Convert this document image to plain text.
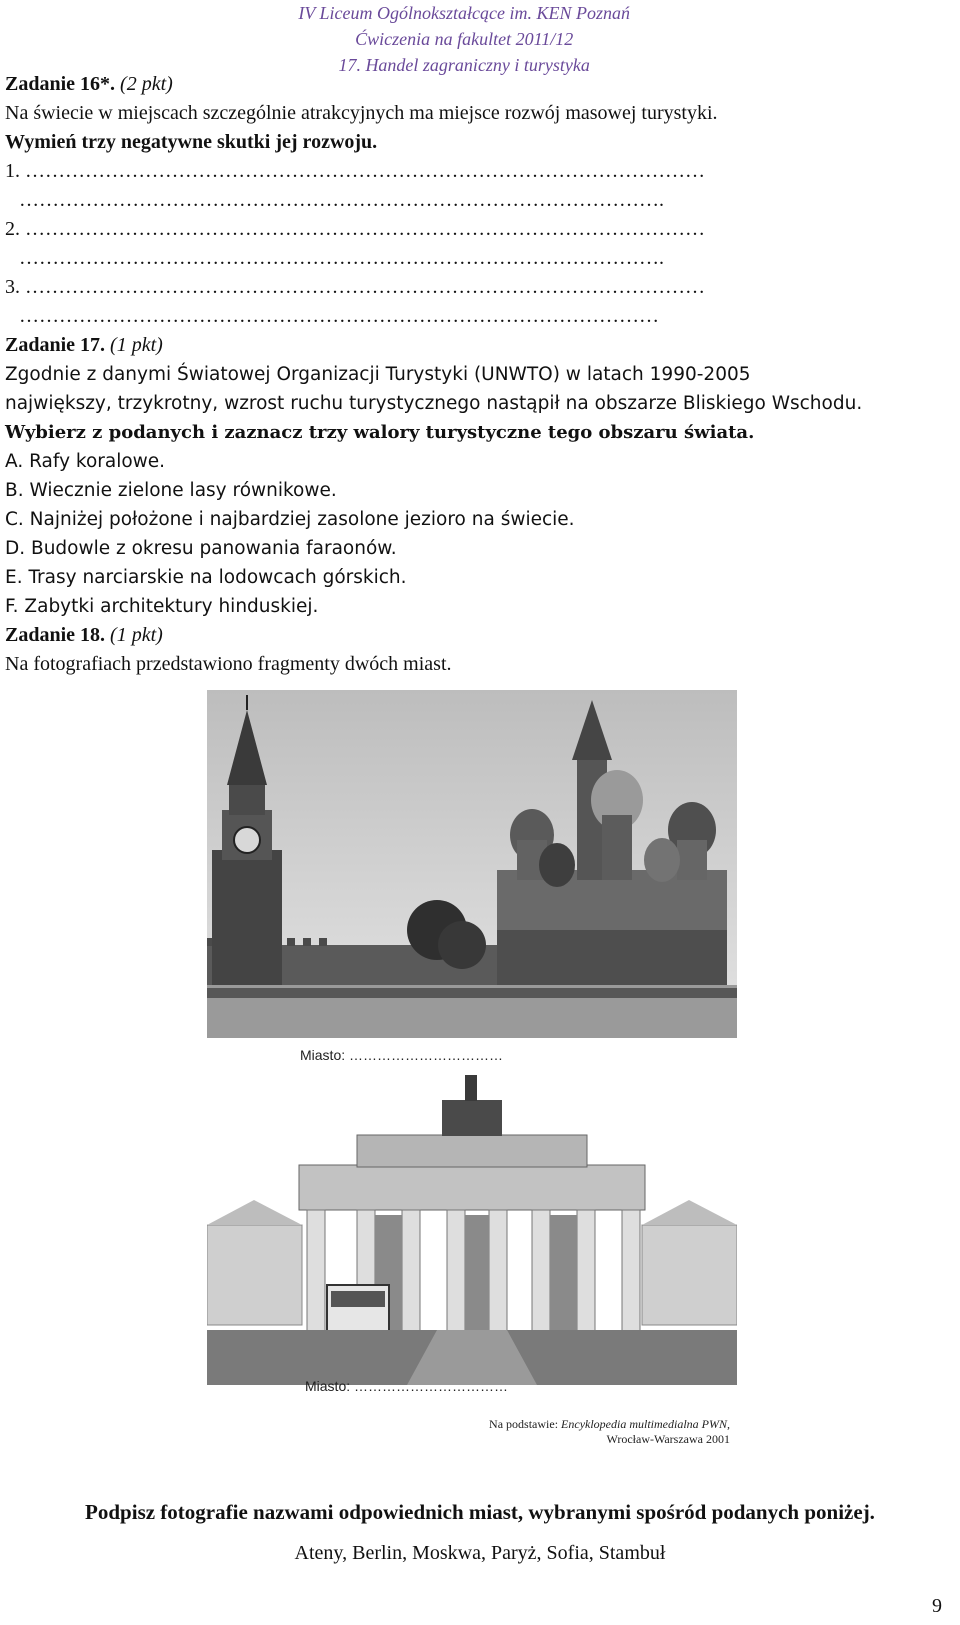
IV Liceum Ogólnokształcące im. KEN Poznań
Ćwiczenia na fakultet 2011/12
17. Handel zagraniczny i turystyka
Zadanie 16*. (2 pkt)
Na świecie w miejscach szczególnie atrakcyjnych ma miejsce rozwój masowej turystyki.
Wymień trzy negatywne skutki jej rozwoju.
1. …………………………………………………………………………………………
…………………………………………………………………………………….
2. …………………………………………………………………………………………
…………………………………………………………………………………….
3. …………………………………………………………………………………………
……………………………………………………………………………………
Zadanie 17. (1 pkt)
Zgodnie z danymi Światowej Organizacji Turystyki (UNWTO) w latach 1990-2005
największy, trzykrotny, wzrost ruchu turystycznego nastąpił na obszarze Bliskiego Wschodu.
Wybierz z podanych i zaznacz trzy walory turystyczne tego obszaru świata.
A. Rafy koralowe.
B. Wiecznie zielone lasy równikowe.
C. Najniżej położone i najbardziej zasolone jezioro na świecie.
D. Budowle z okresu panowania faraonów.
E. Trasy narciarskie na lodowcach górskich.
F. Zabytki architektury hinduskiej.
Zadanie 18. (1 pkt)
Na fotografiach przedstawiono fragmenty dwóch miast.
Miasto: ……………………………
Miasto: ……………………………
Na podstawie: Encyklopedia multimedialna PWN,
Wrocław-Warszawa 2001
Podpisz fotografie nazwami odpowiednich miast, wybranymi spośród podanych poniżej.
Ateny, Berlin, Moskwa, Paryż, Sofia, Stambuł
9
